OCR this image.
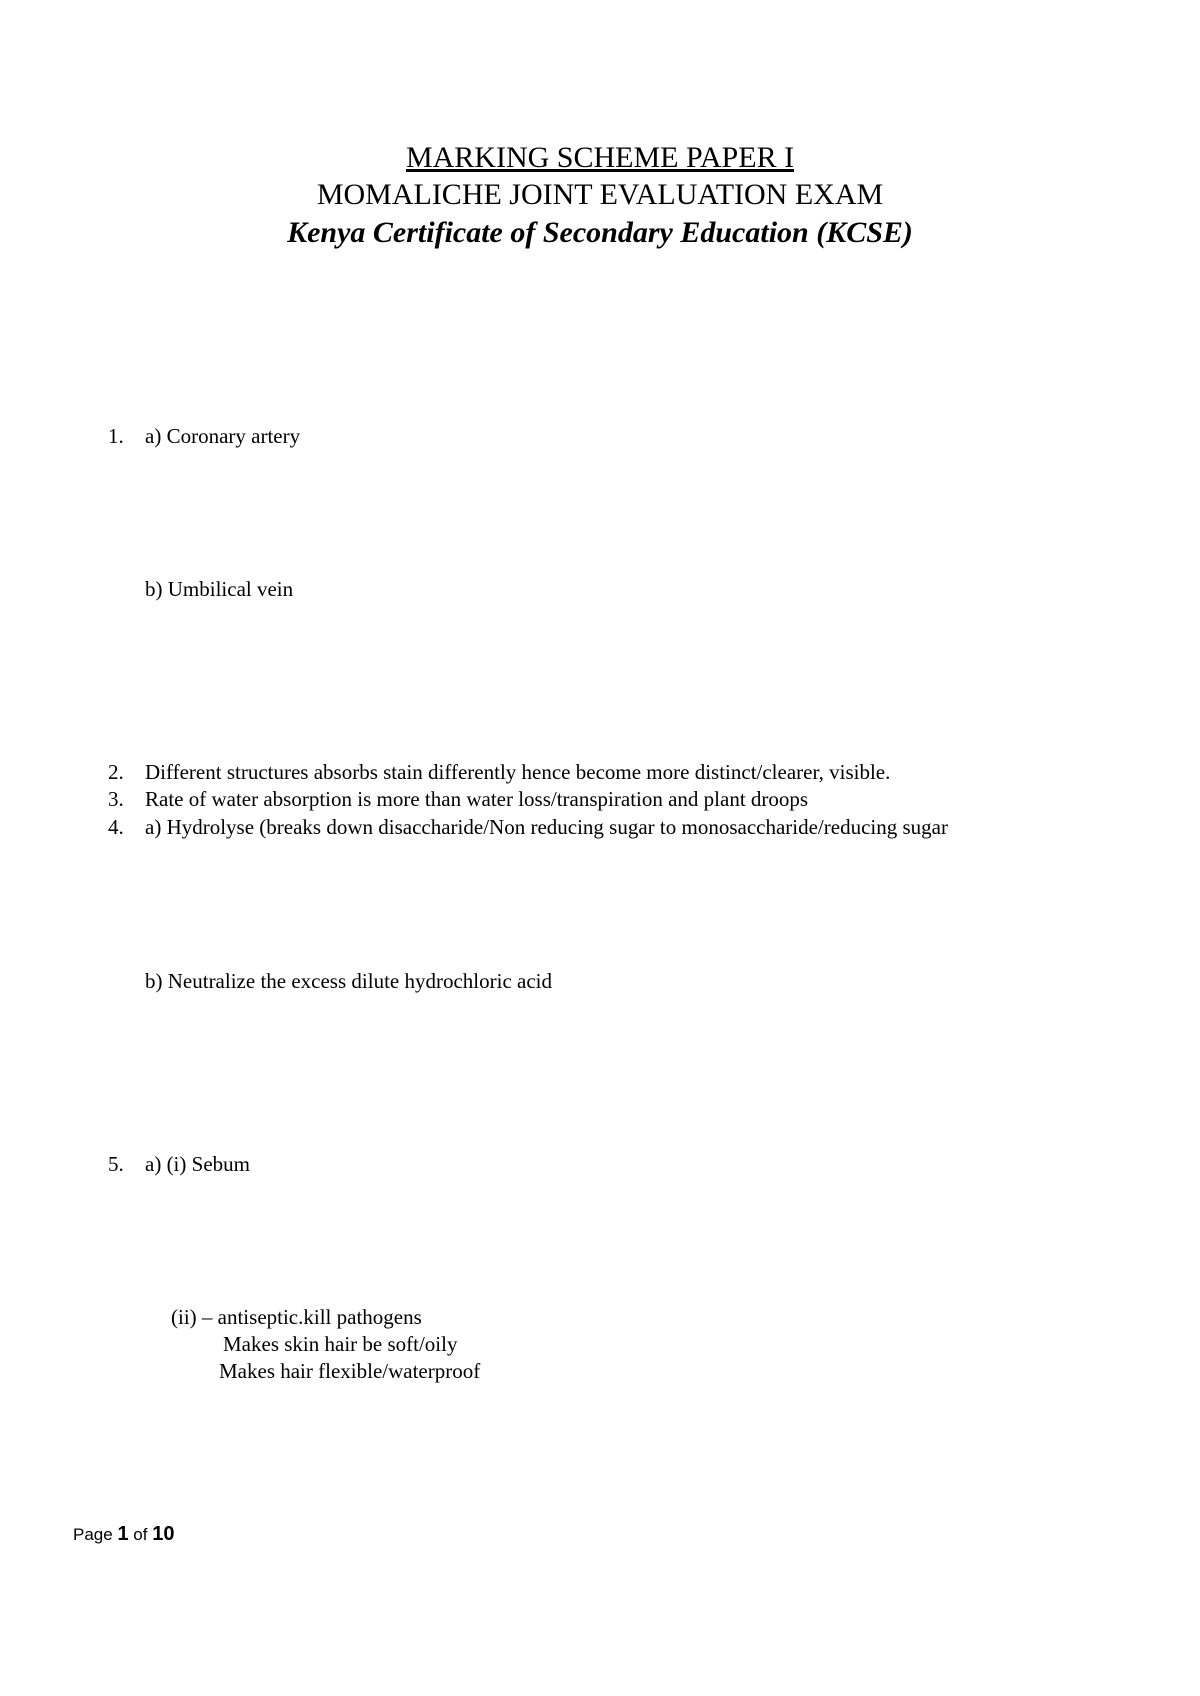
MARKING SCHEME PAPER I
MOMALICHE JOINT EVALUATION EXAM
Kenya Certificate of Secondary Education (KCSE)
1. a) Coronary artery
b) Umbilical vein
2. Different structures absorbs stain differently hence become more distinct/clearer, visible.
3. Rate of water absorption is more than water loss/transpiration and plant droops
4. a) Hydrolyse (breaks down disaccharide/Non reducing sugar to monosaccharide/reducing sugar
b) Neutralize the excess dilute hydrochloric acid
5. a) (i) Sebum
(ii) – antiseptic.kill pathogens
Makes skin hair be soft/oily
Makes hair flexible/waterproof
Page 1 of 10
